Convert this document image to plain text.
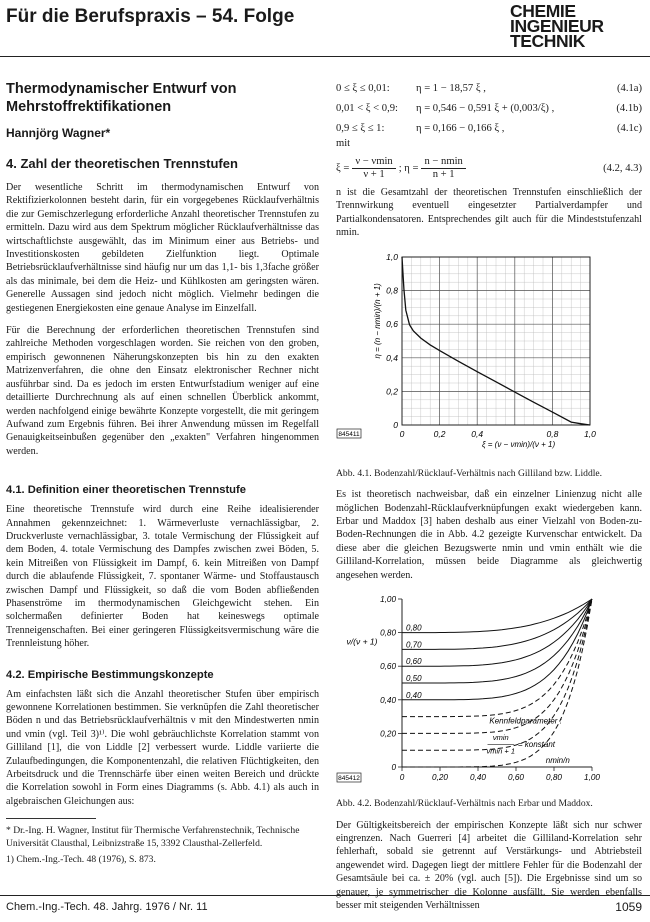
Für die Berufspraxis – 54. Folge	CHEMIE
INGENIEUR
TECHNIK
Thermodynamischer Entwurf von
Mehrstoffrektifikationen
Hannjörg Wagner*
4. Zahl der theoretischen Trennstufen

Der wesentliche Schritt im thermodynamischen Entwurf von Rektifizierkolonnen besteht darin, für ein vorgegebenes Rücklaufverhältnis die zur Gemischzerlegung erforderliche Anzahl theoretischer Trennstufen zu ermitteln. Dazu wird aus dem Spektrum möglicher Rücklaufverhältnisse das wirtschaftlichste ausgewählt, das im Minimum einer aus Betriebs- und Investitionskosten gebildeten Zielfunktion liegt. Optimale Betriebsrücklaufverhältnisse sind häufig nur um das 1,1- bis 1,3fache größer als das minimale, bei dem die Heiz- und Kühlkosten am geringsten wären. Generelle Aussagen sind jedoch nicht möglich. Vielmehr bedingen die gestiegenen Energiekosten eine genaue Analyse im Einzelfall.

Für die Berechnung der erforderlichen theoretischen Trennstufen sind zahlreiche Methoden vorgeschlagen worden. Sie reichen von den groben, empirisch gewonnenen Näherungskonzepten bis hin zu den exakten Matrizenverfahren, die ohne den Einsatz elektronischer Rechner nicht ausführbar sind. Da es jedoch im ersten Entwurfstadium weniger auf eine detaillierte Durchrechnung als auf einen schnellen Überblick ankommt, werden nachfolgend einige bewährte Konzepte vorgestellt, die mit geringem Aufwand zum Ergebnis führen. Bei ihrer Anwendung müssen im Regelfall Genauigkeitseinbußen gegenüber den „exakten" Verfahren hingenommen werden.

4.1. Definition einer theoretischen Trennstufe

Eine theoretische Trennstufe wird durch eine Reihe idealisierender Annahmen gekennzeichnet: 1. Wärmeverluste vernachlässigbar, 2. Druckverluste vernachlässigbar, 3. totale Vermischung der Flüssigkeit auf dem Boden, 4. totale Vermischung des Dampfes zwischen zwei Böden, 5. kein Mitreißen von Flüssigkeit im Dampf, 6. kein Mitreißen von Dampf durch die ablaufende Flüssigkeit, 7. spontaner Wärme- und Stoffaustausch zwischen Dampf und Flüssigkeit, so daß die vom Boden abfließenden Phasenströme im thermodynamischen Gleichgewicht stehen. Ein solchermaßen definierter Boden hat keineswegs optimale Trenneigenschaften. Bei einer geringeren Flüssigkeitsvermischung wäre die Trennleistung höher.

4.2. Empirische Bestimmungskonzepte

Am einfachsten läßt sich die Anzahl theoretischer Stufen über empirisch gewonnene Korrelationen bestimmen. Sie verknüpfen die Zahl theoretischer Böden n und das Betriebsrücklaufverhältnis ν mit den Mindestwerten nmin und νmin (vgl. Teil 3)¹⁾. Die wohl gebräuchlichste Korrelation stammt von Gilliland [1], die von Liddle [2] verbessert wurde. Liddle variierte die Zulaufbedingungen, die Komponentenzahl, die relativen Flüchtigkeiten, den Arbeitsdruck und die Trennschärfe über einen weiten Bereich und drückte die Korrelation sowohl in Form eines Diagramms (s. Abb. 4.1) als auch in algebraischen Gleichungen aus:

* Dr.-Ing. H. Wagner, Institut für Thermische Verfahrenstechnik, Technische Universität Clausthal, Leibnizstraße 15, 3392 Clausthal-Zellerfeld.

1) Chem.-Ing.-Tech. 48 (1976), S. 873.

0 ≤ ξ ≤ 0,01:	η = 1 − 18,57 ξ ,	(4.1a)
0,01 < ξ < 0,9:	η = 0,546 − 0,591 ξ + (0,003/ξ) ,	(4.1b)
0,9 ≤ ξ ≤ 1:	η = 0,166 − 0,166 ξ ,	(4.1c)
mit
$\xi = \frac{\nu - \nu\min}{\nu + 1}$ ; $\eta = \frac{n - nmin}{n + 1}$	(4.2, 4.3)

n ist die Gesamtzahl der theoretischen Trennstufen einschließlich der Trennwirkung eventuell eingesetzter Partialverdampfer und Partialkondensatoren. Entsprechendes gilt auch für die Mindeststufenzahl nmin.

0
0
0,2
0,2
0,4
0,4
0,6
0,8
0,8
1,0
1,0
η = (n − nmin)/(n + 1)
ξ = (ν − νmin)/(ν + 1)
845411
Abb. 4.1. Bodenzahl/Rücklauf-Verhältnis nach Gilliland bzw. Liddle.

Es ist theoretisch nachweisbar, daß ein einzelner Linienzug nicht alle möglichen Bodenzahl-Rücklaufverknüpfungen exakt wiedergeben kann. Erbar und Maddox [3] haben deshalb aus einer Vielzahl von Boden-zu-Boden-Rechnungen die in Abb. 4.2 gezeigte Kurvenschar entwickelt. Da diese aber die gleichen Bezugswerte nmin und νmin enthält wie die Gilliland-Korrelation, müssen beide Diagramme als gleichwertig angesehen werden.

0
0
0,20
0,20
0,40
0,40
0,60
0,60
0,80
0,80
1,00
1,00
0,80
0,70
0,60
0,50
0,40
ν/(ν + 1)
nmin/n
Kennfeldparameter :
νmin
νmin + 1
= konstant
845412
Abb. 4.2. Bodenzahl/Rücklauf-Verhältnis nach Erbar und Maddox.

Der Gültigkeitsbereich der empirischen Konzepte läßt sich nur schwer eingrenzen. Nach Guerreri [4] arbeitet die Gilliland-Korrelation sehr fehlerhaft, sobald sie getrennt auf Verstärkungs- und Abtriebsteil angewendet wird. Dagegen liegt der mittlere Fehler für die Bodenzahl der Gesamtsäule bei ca. ± 20% (vgl. auch [5]). Die Ergebnisse sind um so genauer, je symmetrischer die Kolonne ausfällt. Sie werden ebenfalls besser mit steigenden Verhältnissen

Chem.-Ing.-Tech. 48. Jahrg. 1976 / Nr. 11	1059
